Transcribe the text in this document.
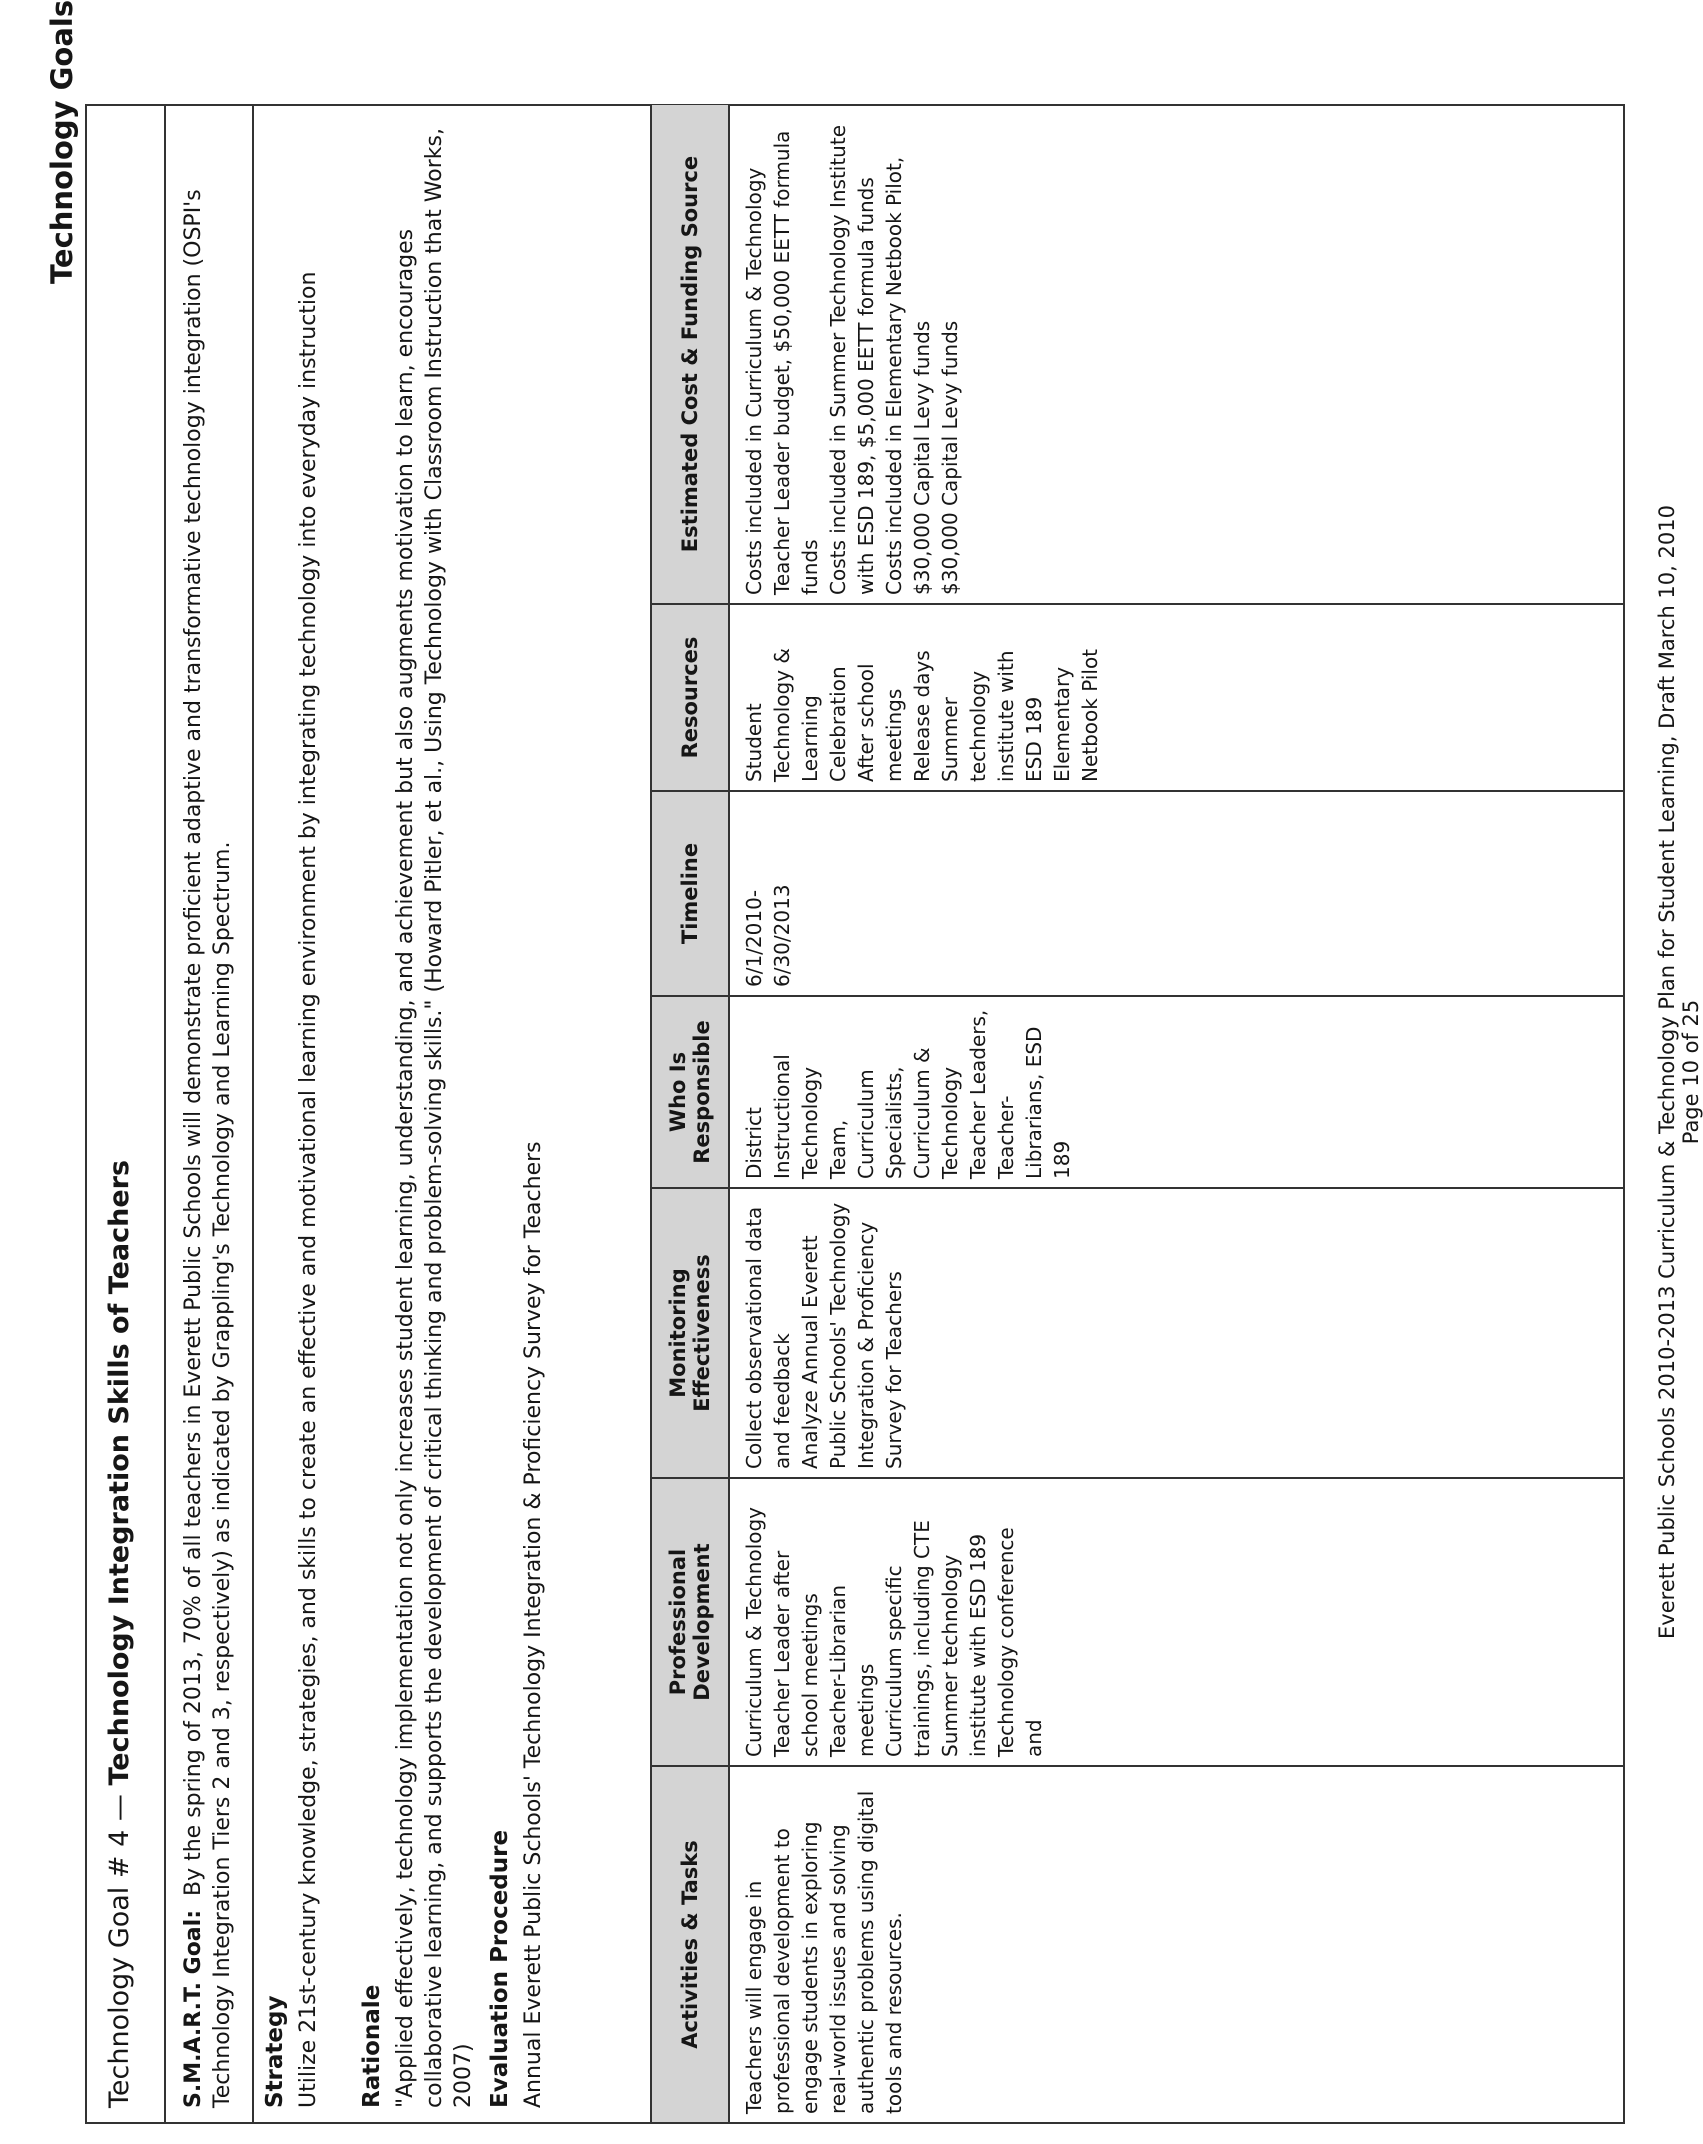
Technology Goals
Technology Goal # 4 — Technology Integration Skills of Teachers
S.M.A.R.T. Goal:  By the spring of 2013, 70% of all teachers in Everett Public Schools will demonstrate proficient adaptive and transformative technology integration (OSPI's Technology Integration Tiers 2 and 3, respectively) as indicated by Grappling's Technology and Learning Spectrum. Strategy Utilize 21st-century knowledge, strategies, and skills to create an effective and motivational learning environment by integrating technology into everyday instruction Rationale "Applied effectively, technology implementation not only increases student learning, understanding, and achievement but also augments motivation to learn, encourages collaborative learning, and supports the development of critical thinking and problem-solving skills." (Howard Pitler, et al., Using Technology with Classroom Instruction that Works, 2007) Evaluation Procedure Annual Everett Public Schools' Technology Integration & Proficiency Survey for Teachers	Activities & Tasks	Teachers will engage in professional development to engage students in exploring real-world issues and solving authentic problems using digital tools and resources.
Professional Development	Curriculum & Technology Teacher Leader after school meetings Teacher-Librarian meetings Curriculum specific trainings, including CTE Summer technology institute with ESD 189 Technology conference and
Monitoring Effectiveness	Collect observational data and feedback Analyze Annual Everett Public Schools' Technology Integration & Proficiency Survey for Teachers
Who Is Responsible	District Instructional Technology Team, Curriculum Specialists, Curriculum & Technology Teacher Leaders, Teacher-Librarians, ESD 189
Timeline	6/1/2010-6/30/2013
Resources	Student Technology & Learning Celebration After school meetings Release days Summer technology institute with ESD 189 Elementary Netbook Pilot
Estimated Cost & Funding Source	Costs included in Curriculum & Technology Teacher Leader budget, $50,000 EETT formula funds Costs included in Summer Technology Institute with ESD 189, $5,000 EETT formula funds Costs included in Elementary Netbook Pilot, $30,000 Capital Levy funds $30,000 Capital Levy funds
Everett Public Schools 2010-2013 Curriculum & Technology Plan for Student Learning, Draft March 10, 2010 Page 10 of 25
